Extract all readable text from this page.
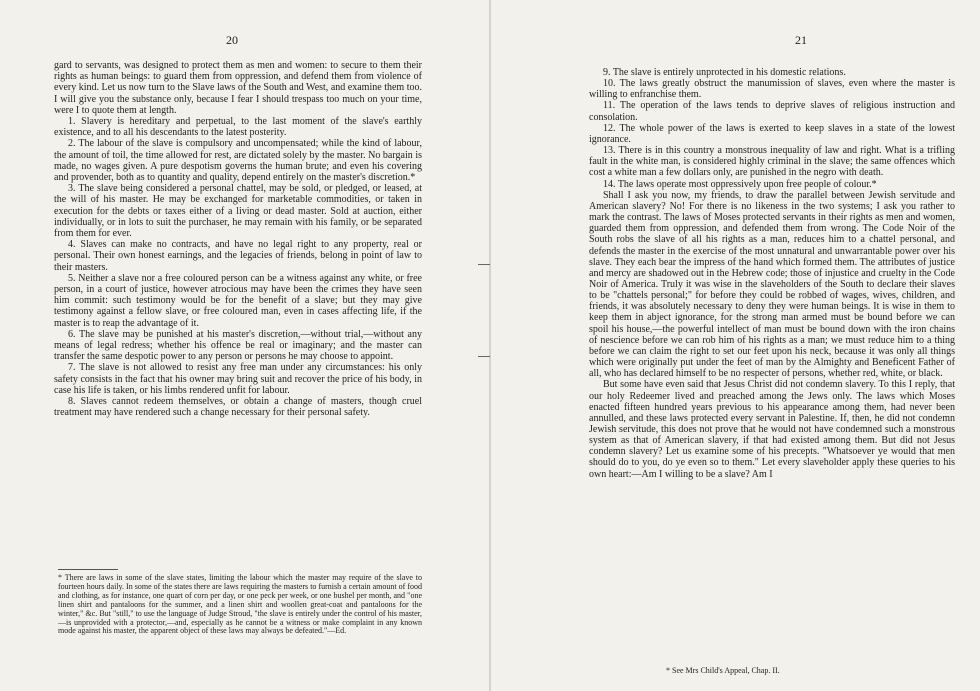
20

gard to servants, was designed to protect them as men and women: to secure to them their rights as human beings: to guard them from oppression, and defend them from violence of every kind. Let us now turn to the Slave laws of the South and West, and examine them too. I will give you the substance only, because I fear I should trespass too much on your time, were I to quote them at length.

1. Slavery is hereditary and perpetual, to the last moment of the slave's earthly existence, and to all his descendants to the latest posterity.

2. The labour of the slave is compulsory and uncompensated; while the kind of labour, the amount of toil, the time allowed for rest, are dictated solely by the master. No bargain is made, no wages given. A pure despotism governs the human brute; and even his covering and provender, both as to quantity and quality, depend entirely on the master's discretion.*

3. The slave being considered a personal chattel, may be sold, or pledged, or leased, at the will of his master. He may be exchanged for marketable commodities, or taken in execution for the debts or taxes either of a living or dead master. Sold at auction, either individually, or in lots to suit the purchaser, he may remain with his family, or be separated from them for ever.

4. Slaves can make no contracts, and have no legal right to any property, real or personal. Their own honest earnings, and the legacies of friends, belong in point of law to their masters.

5. Neither a slave nor a free coloured person can be a witness against any white, or free person, in a court of justice, however atrocious may have been the crimes they have seen him commit: such testimony would be for the benefit of a slave; but they may give testimony against a fellow slave, or free coloured man, even in cases affecting life, if the master is to reap the advantage of it.

6. The slave may be punished at his master's discretion,—without trial,—without any means of legal redress; whether his offence be real or imaginary; and the master can transfer the same despotic power to any person or persons he may choose to appoint.

7. The slave is not allowed to resist any free man under any circumstances: his only safety consists in the fact that his owner may bring suit and recover the price of his body, in case his life is taken, or his limbs rendered unfit for labour.

8. Slaves cannot redeem themselves, or obtain a change of masters, though cruel treatment may have rendered such a change necessary for their personal safety.

* There are laws in some of the slave states, limiting the labour which the master may require of the slave to fourteen hours daily. In some of the states there are laws requiring the masters to furnish a certain amount of food and clothing, as for instance, one quart of corn per day, or one peck per week, or one bushel per month, and "one linen shirt and pantaloons for the summer, and a linen shirt and woollen great-coat and pantaloons for the winter," &c. But "still," to use the language of Judge Stroud, "the slave is entirely under the control of his master,—is unprovided with a protector,—and, especially as he cannot be a witness or make complaint in any known mode against his master, the apparent object of these laws may always be defeated."—Ed.
21

9. The slave is entirely unprotected in his domestic relations.

10. The laws greatly obstruct the manumission of slaves, even where the master is willing to enfranchise them.

11. The operation of the laws tends to deprive slaves of religious instruction and consolation.

12. The whole power of the laws is exerted to keep slaves in a state of the lowest ignorance.

13. There is in this country a monstrous inequality of law and right. What is a trifling fault in the white man, is considered highly criminal in the slave; the same offences which cost a white man a few dollars only, are punished in the negro with death.

14. The laws operate most oppressively upon free people of colour.*

Shall I ask you now, my friends, to draw the parallel between Jewish servitude and American slavery? No! For there is no likeness in the two systems; I ask you rather to mark the contrast. The laws of Moses protected servants in their rights as men and women, guarded them from oppression, and defended them from wrong. The Code Noir of the South robs the slave of all his rights as a man, reduces him to a chattel personal, and defends the master in the exercise of the most unnatural and unwarrantable power over his slave. They each bear the impress of the hand which formed them. The attributes of justice and mercy are shadowed out in the Hebrew code; those of injustice and cruelty in the Code Noir of America. Truly it was wise in the slaveholders of the South to declare their slaves to be "chattels personal;" for before they could be robbed of wages, wives, children, and friends, it was absolutely necessary to deny they were human beings. It is wise in them to keep them in abject ignorance, for the strong man armed must be bound before we can spoil his house,—the powerful intellect of man must be bound down with the iron chains of nescience before we can rob him of his rights as a man; we must reduce him to a thing before we can claim the right to set our feet upon his neck, because it was only all things which were originally put under the feet of man by the Almighty and Beneficent Father of all, who has declared himself to be no respecter of persons, whether red, white, or black.

But some have even said that Jesus Christ did not condemn slavery. To this I reply, that our holy Redeemer lived and preached among the Jews only. The laws which Moses enacted fifteen hundred years previous to his appearance among them, had never been annulled, and these laws protected every servant in Palestine. If, then, he did not condemn Jewish servitude, this does not prove that he would not have condemned such a monstrous system as that of American slavery, if that had existed among them. But did not Jesus condemn slavery? Let us examine some of his precepts. "Whatsoever ye would that men should do to you, do ye even so to them." Let every slaveholder apply these queries to his own heart:—Am I willing to be a slave? Am I

* See Mrs Child's Appeal, Chap. II.
